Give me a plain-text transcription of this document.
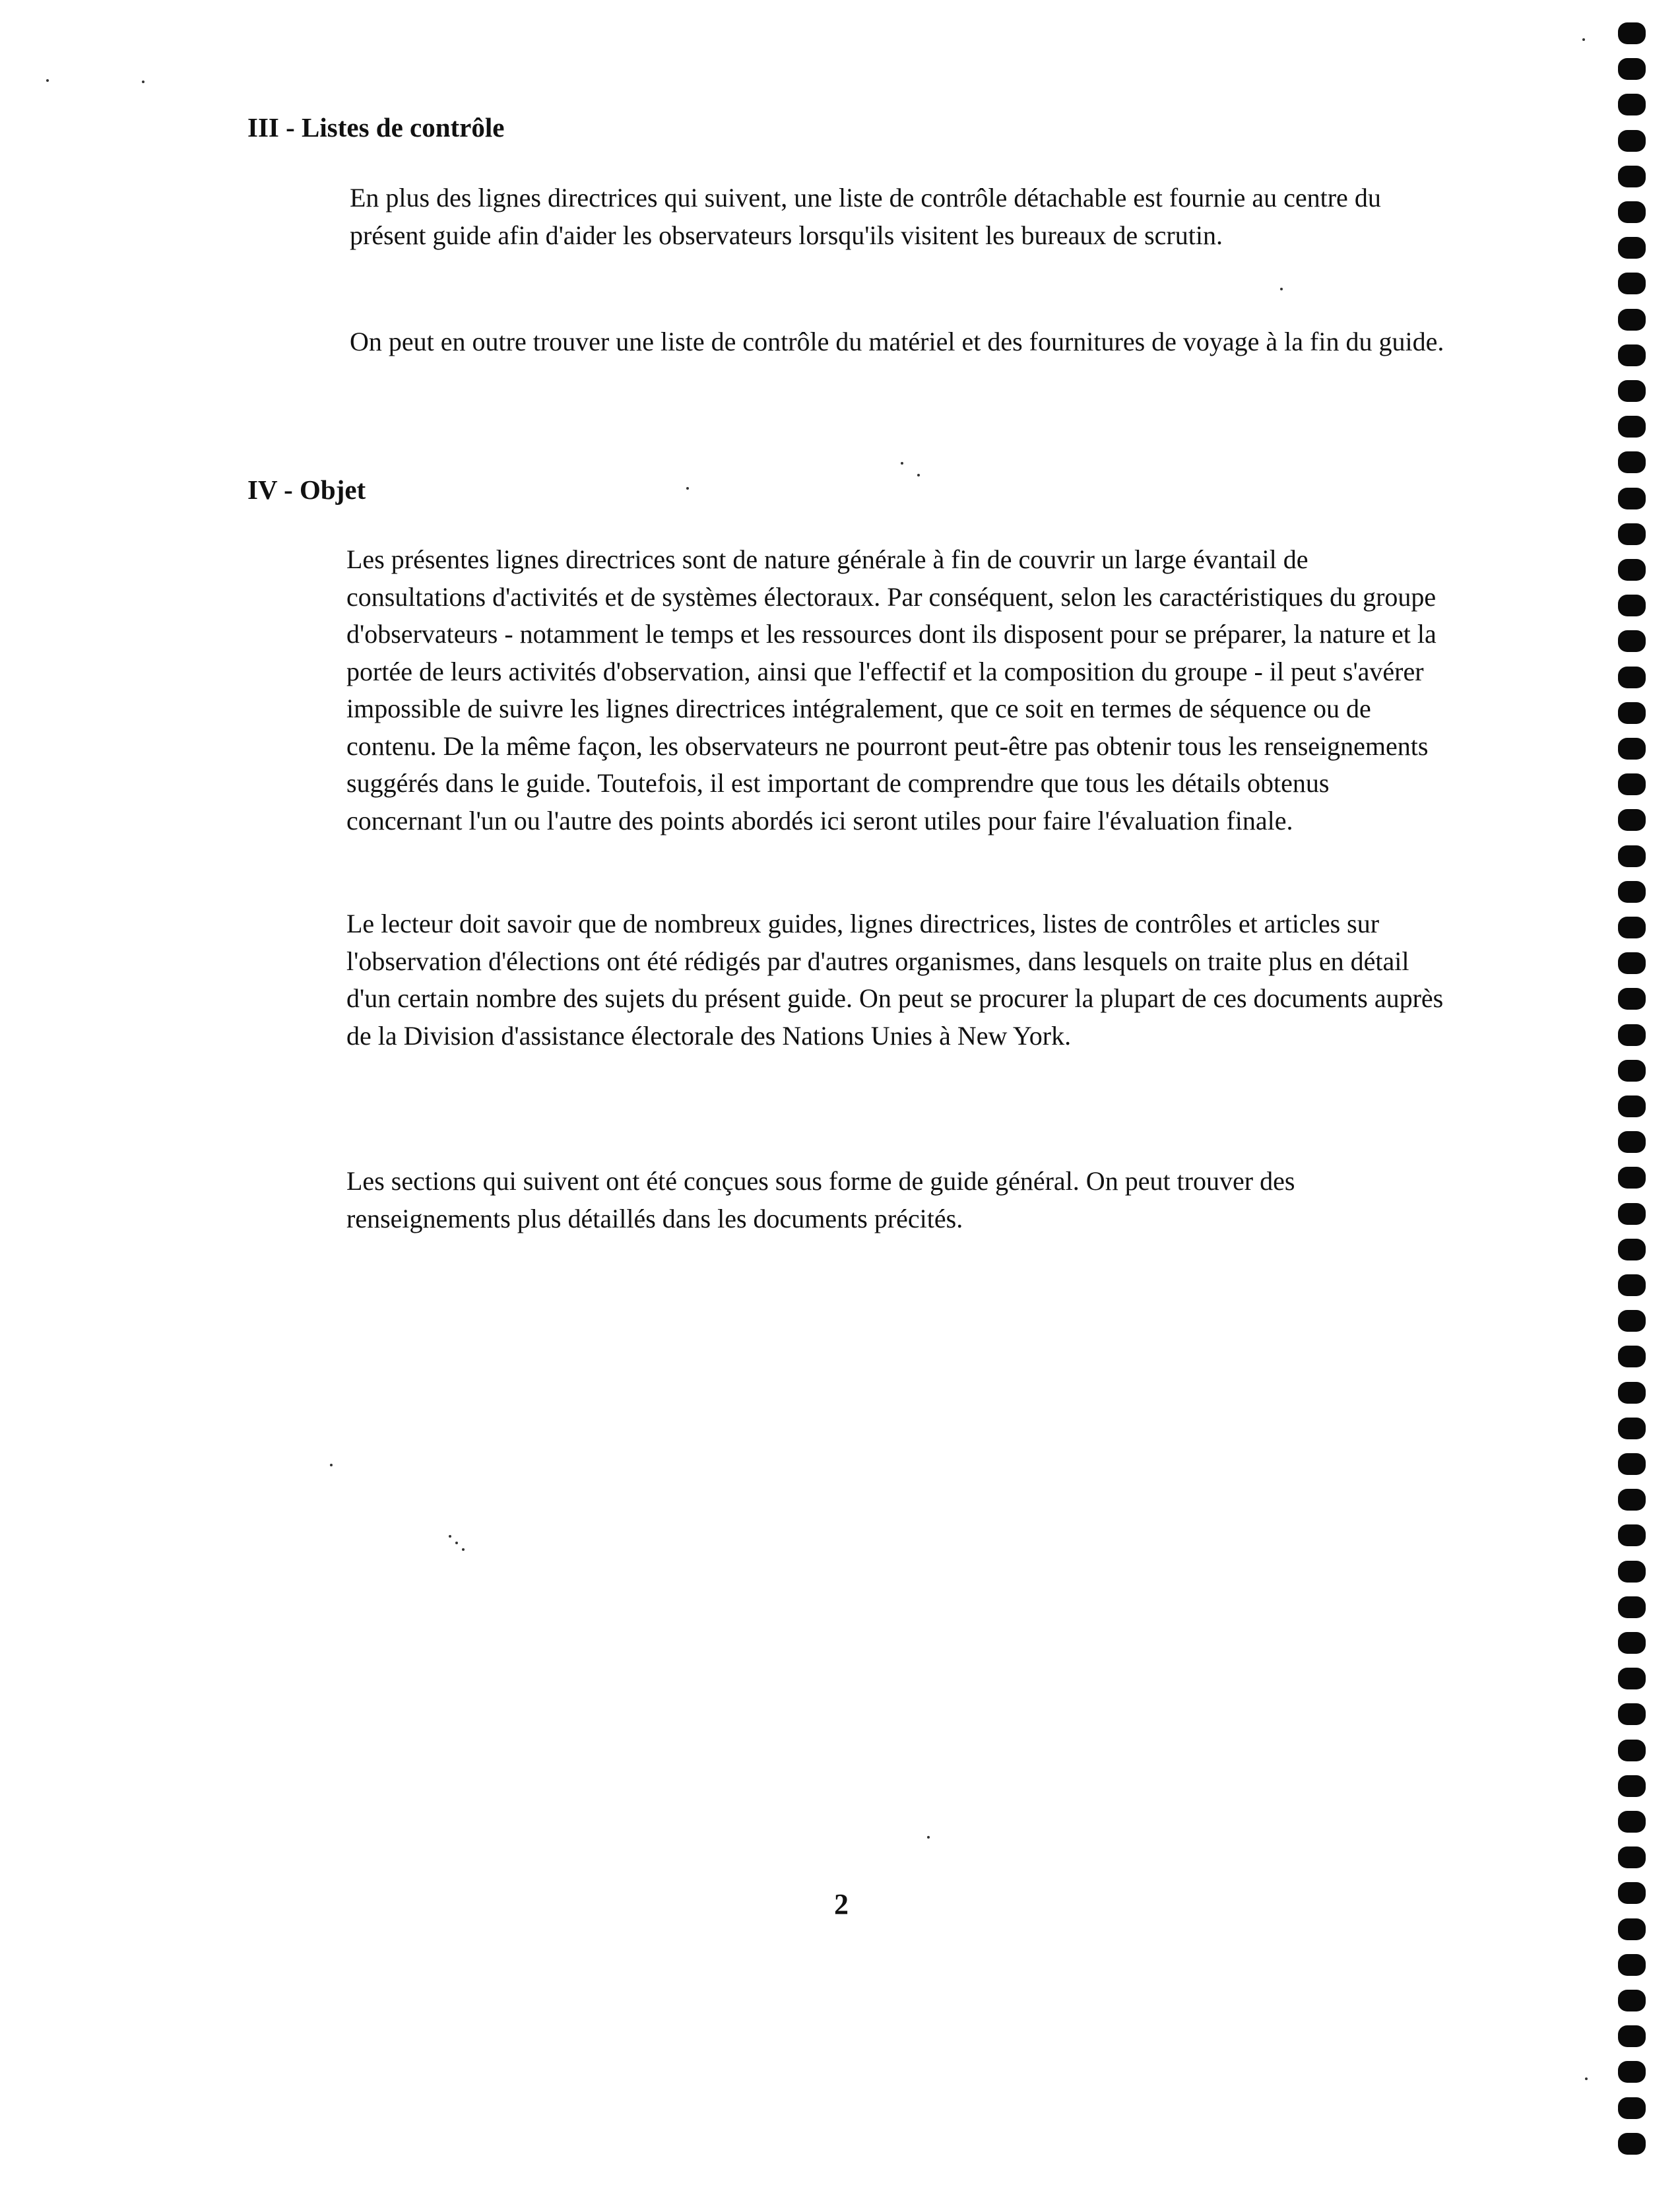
III - Listes de contrôle

En plus des lignes directrices qui suivent, une liste de contrôle détachable est fournie au centre du présent guide afin d'aider les observateurs lorsqu'ils visitent les bureaux de scrutin.

On peut en outre trouver une liste de contrôle du matériel et des fournitures de voyage à la fin du guide.

IV - Objet

Les présentes lignes directrices sont de nature générale à fin de couvrir un large évantail de consultations d'activités et de systèmes électoraux. Par conséquent, selon les caractéristiques du groupe d'observateurs - notamment le temps et les ressources dont ils disposent pour se préparer, la nature et la portée de leurs activités d'observation, ainsi que l'effectif et la composition du groupe - il peut s'avérer impossible de suivre les lignes directrices intégralement, que ce soit en termes de séquence ou de contenu. De la même façon, les observateurs ne pourront peut-être pas obtenir tous les renseignements suggérés dans le guide. Toutefois, il est important de comprendre que tous les détails obtenus concernant l'un ou l'autre des points abordés ici seront utiles pour faire l'évaluation finale.

Le lecteur doit savoir que de nombreux guides, lignes directrices, listes de contrôles et articles sur l'observation d'élections ont été rédigés par d'autres organismes, dans lesquels on traite plus en détail d'un certain nombre des sujets du présent guide. On peut se procurer la plupart de ces documents auprès de la Division d'assistance électorale des Nations Unies à New York.

Les sections qui suivent ont été conçues sous forme de guide général. On peut trouver des renseignements plus détaillés dans les documents précités.

2
